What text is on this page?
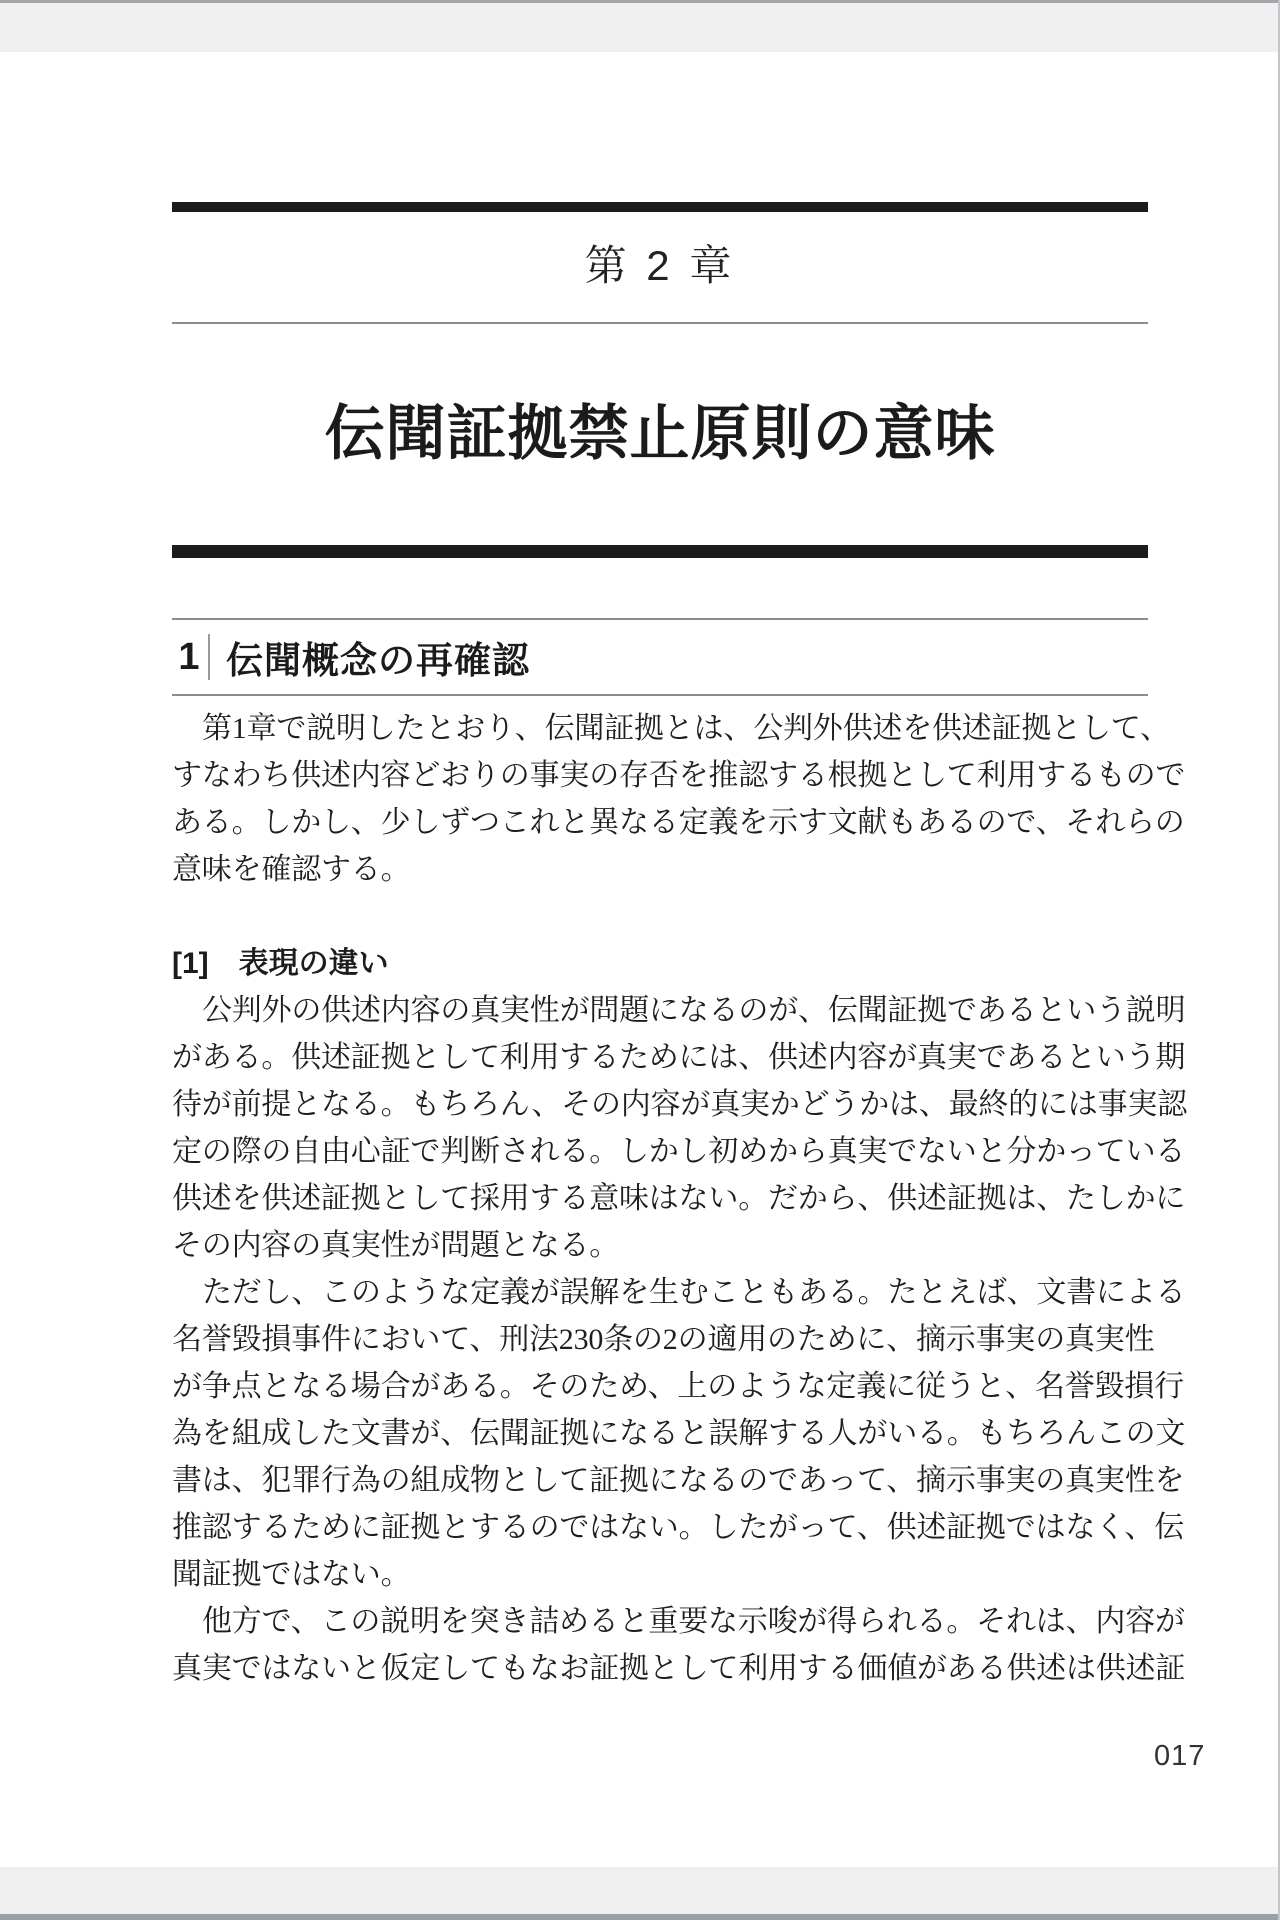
第 2 章
伝聞証拠禁止原則の意味
1 伝聞概念の再確認
第1章で説明したとおり、伝聞証拠とは、公判外供述を供述証拠として、
すなわち供述内容どおりの事実の存否を推認する根拠として利用するもので
ある。しかし、少しずつこれと異なる定義を示す文献もあるので、それらの
意味を確認する。
[1]　表現の違い
公判外の供述内容の真実性が問題になるのが、伝聞証拠であるという説明
がある。供述証拠として利用するためには、供述内容が真実であるという期
待が前提となる。もちろん、その内容が真実かどうかは、最終的には事実認
定の際の自由心証で判断される。しかし初めから真実でないと分かっている
供述を供述証拠として採用する意味はない。だから、供述証拠は、たしかに
その内容の真実性が問題となる。
ただし、このような定義が誤解を生むこともある。たとえば、文書による
名誉毀損事件において、刑法230条の2の適用のために、摘示事実の真実性
が争点となる場合がある。そのため、上のような定義に従うと、名誉毀損行
為を組成した文書が、伝聞証拠になると誤解する人がいる。もちろんこの文
書は、犯罪行為の組成物として証拠になるのであって、摘示事実の真実性を
推認するために証拠とするのではない。したがって、供述証拠ではなく、伝
聞証拠ではない。
他方で、この説明を突き詰めると重要な示唆が得られる。それは、内容が
真実ではないと仮定してもなお証拠として利用する価値がある供述は供述証
017
